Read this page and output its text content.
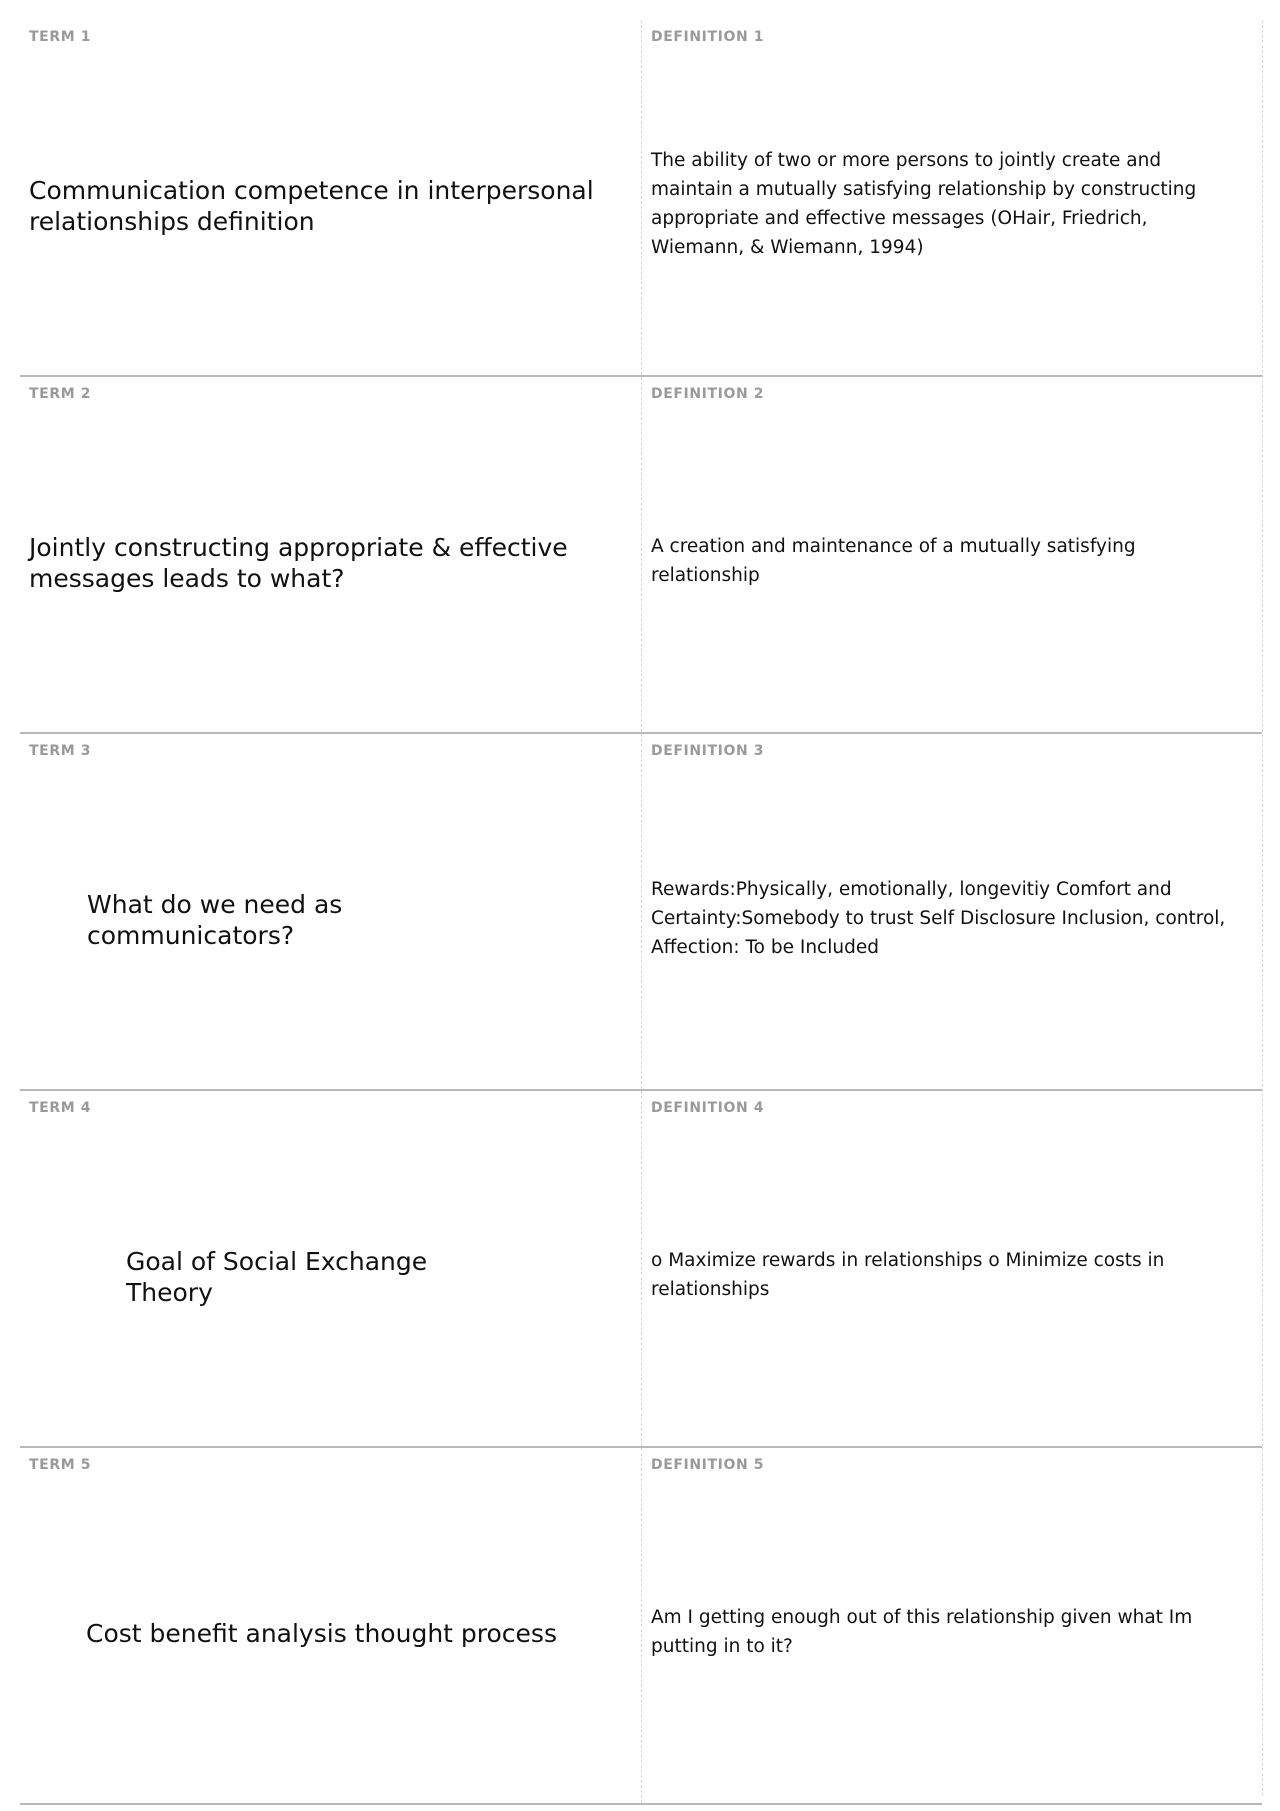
TERM 1
Communication competence in interpersonal relationships definition
DEFINITION 1
The ability of two or more persons to jointly create and maintain a mutually satisfying relationship by constructing appropriate and effective messages (OHair, Friedrich, Wiemann, & Wiemann, 1994)
TERM 2
Jointly constructing appropriate & effective messages leads to what?
DEFINITION 2
A creation and maintenance of a mutually satisfying relationship
TERM 3
What do we need as communicators?
DEFINITION 3
Rewards:Physically, emotionally, longevitiy Comfort and Certainty:Somebody to trust Self Disclosure Inclusion, control, Affection: To be Included
TERM 4
Goal of Social Exchange Theory
DEFINITION 4
o Maximize rewards in relationships o Minimize costs in relationships
TERM 5
Cost benefit analysis thought process
DEFINITION 5
Am I getting enough out of this relationship given what Im putting in to it?
